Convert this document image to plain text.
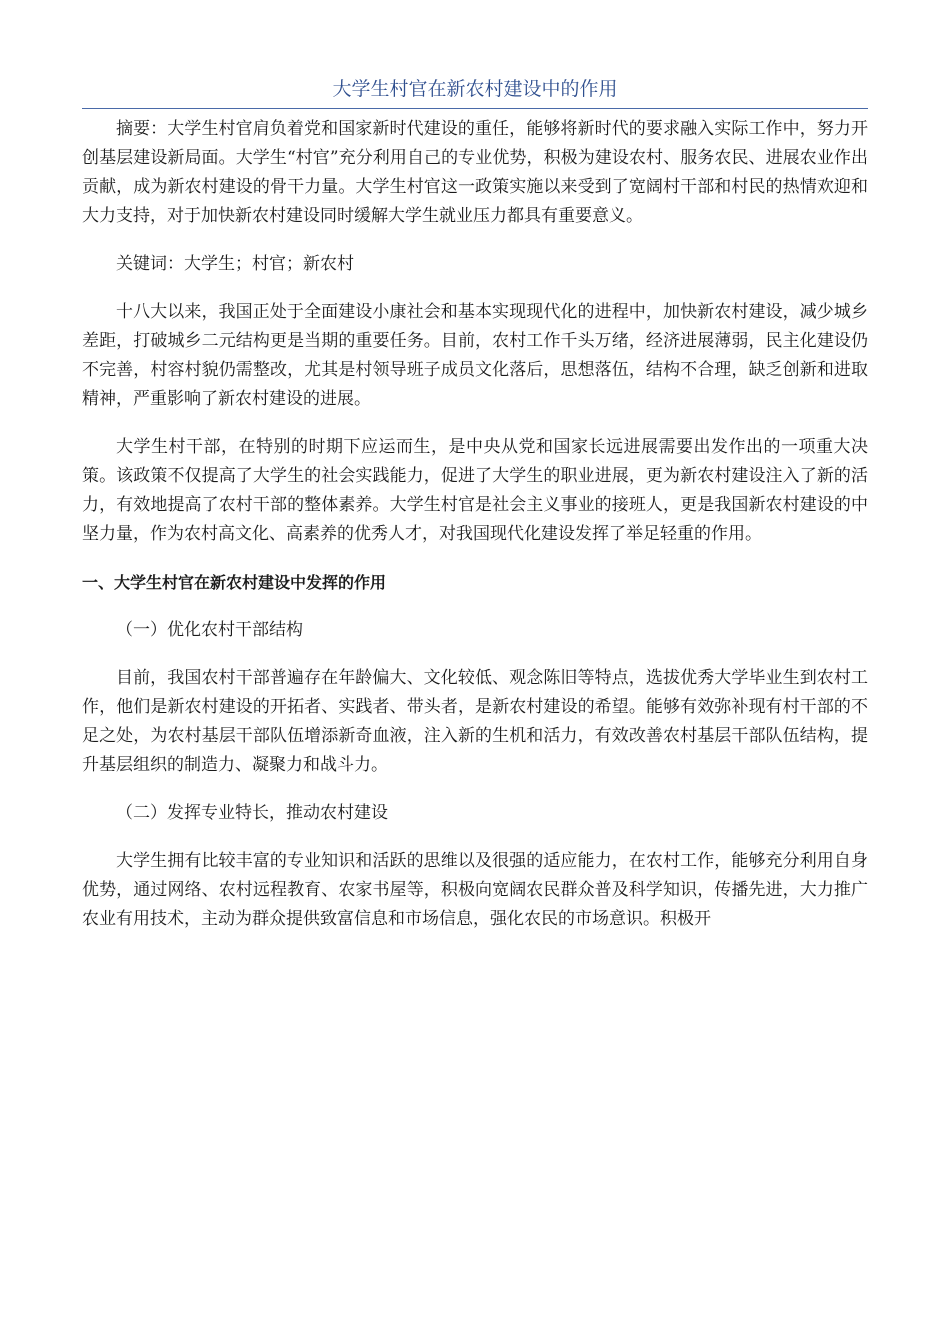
大学生村官在新农村建设中的作用

摘要：大学生村官肩负着党和国家新时代建设的重任，能够将新时代的要求融入实际工作中，努力开创基层建设新局面。大学生“村官”充分利用自己的专业优势，积极为建设农村、服务农民、进展农业作出贡献，成为新农村建设的骨干力量。大学生村官这一政策实施以来受到了宽阔村干部和村民的热情欢迎和大力支持，对于加快新农村建设同时缓解大学生就业压力都具有重要意义。

关键词：大学生；村官；新农村

十八大以来，我国正处于全面建设小康社会和基本实现现代化的进程中，加快新农村建设，减少城乡差距，打破城乡二元结构更是当期的重要任务。目前，农村工作千头万绪，经济进展薄弱，民主化建设仍不完善，村容村貌仍需整改，尤其是村领导班子成员文化落后，思想落伍，结构不合理，缺乏创新和进取精神，严重影响了新农村建设的进展。

大学生村干部，在特别的时期下应运而生，是中央从党和国家长远进展需要出发作出的一项重大决策。该政策不仅提高了大学生的社会实践能力，促进了大学生的职业进展，更为新农村建设注入了新的活力，有效地提高了农村干部的整体素养。大学生村官是社会主义事业的接班人，更是我国新农村建设的中坚力量，作为农村高文化、高素养的优秀人才，对我国现代化建设发挥了举足轻重的作用。

一、大学生村官在新农村建设中发挥的作用

（一）优化农村干部结构

目前，我国农村干部普遍存在年龄偏大、文化较低、观念陈旧等特点，选拔优秀大学毕业生到农村工作，他们是新农村建设的开拓者、实践者、带头者，是新农村建设的希望。能够有效弥补现有村干部的不足之处，为农村基层干部队伍增添新奇血液，注入新的生机和活力，有效改善农村基层干部队伍结构，提升基层组织的制造力、凝聚力和战斗力。

（二）发挥专业特长，推动农村建设

大学生拥有比较丰富的专业知识和活跃的思维以及很强的适应能力，在农村工作，能够充分利用自身优势，通过网络、农村远程教育、农家书屋等，积极向宽阔农民群众普及科学知识，传播先进，大力推广农业有用技术，主动为群众提供致富信息和市场信息，强化农民的市场意识。积极开
